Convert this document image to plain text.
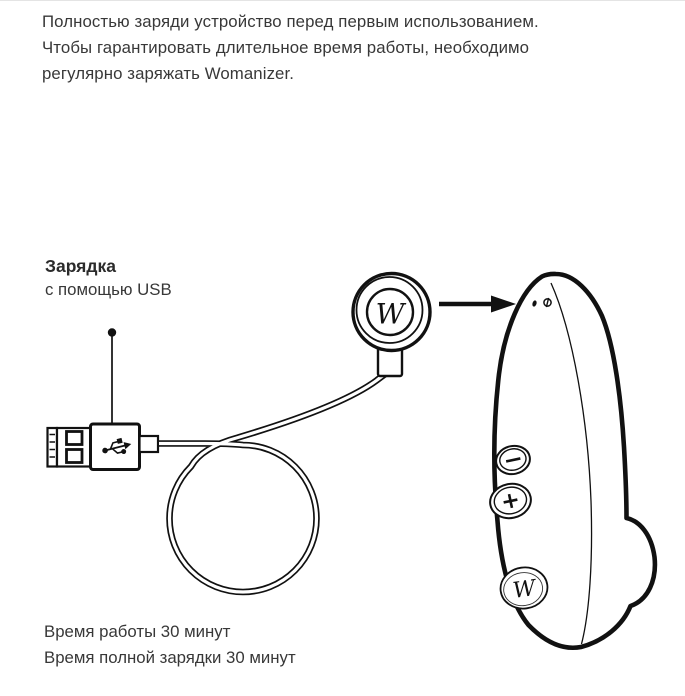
Полностью заряди устройство перед первым использованием.
Чтобы гарантировать длительное время работы, необходимо
регулярно заряжать Womanizer.
Зарядка
с помощью USB
W
W
Время работы 30 минут
Время полной зарядки 30 минут
